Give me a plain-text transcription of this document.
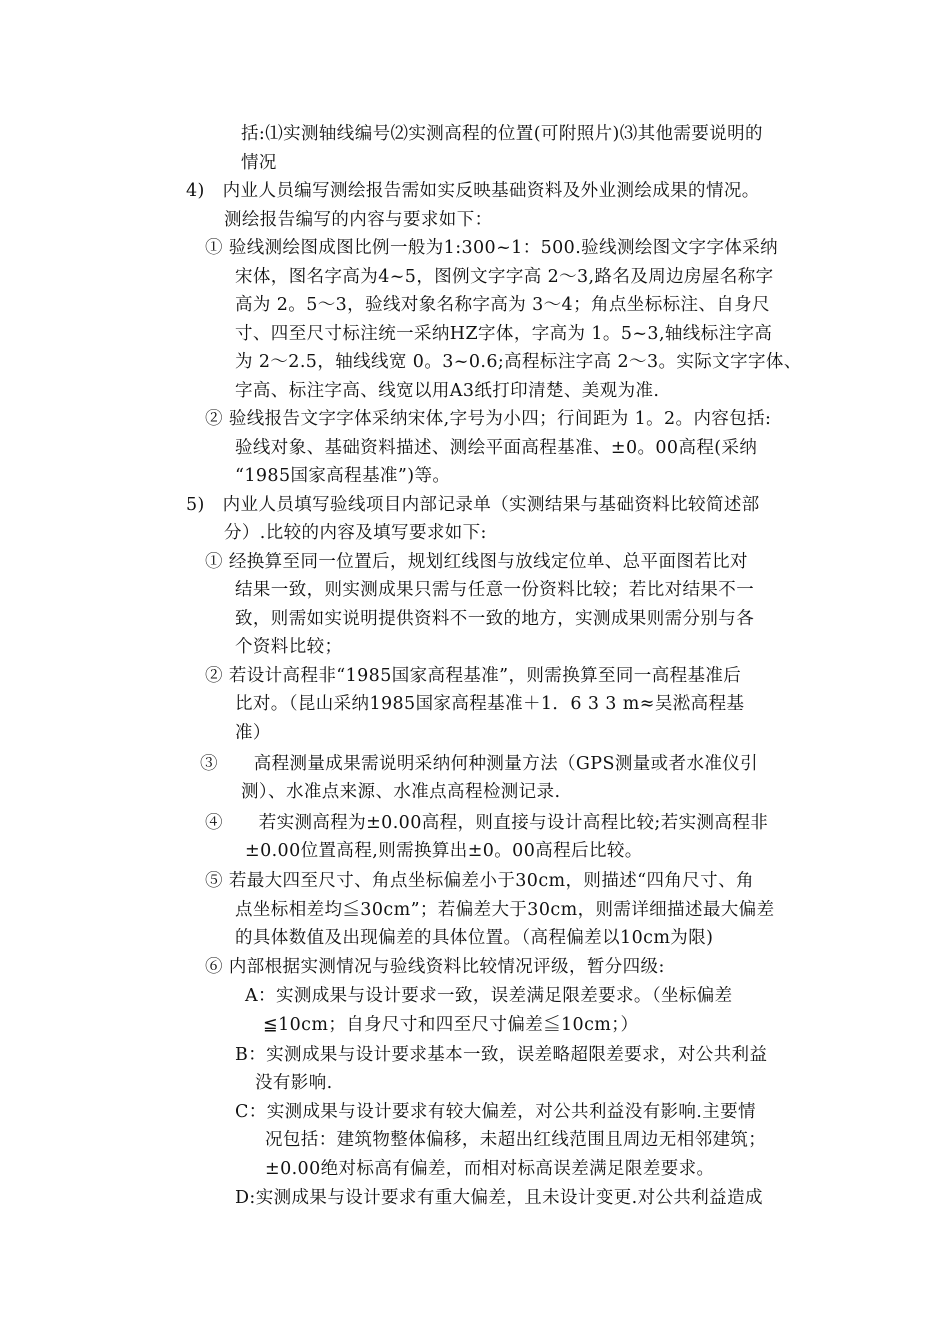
括:⑴实测轴线编号⑵实测高程的位置(可附照片)⑶其他需要说明的
情况
4)　内业人员编写测绘报告需如实反映基础资料及外业测绘成果的情况。
测绘报告编写的内容与要求如下：
① 验线测绘图成图比例一般为1:300~1：500.验线测绘图文字字体采纳
宋体，图名字高为4~5，图例文字字高 2～3,路名及周边房屋名称字
高为 2。5～3，验线对象名称字高为 3～4；角点坐标标注、自身尺
寸、四至尺寸标注统一采纳HZ字体，字高为 1。5~3,轴线标注字高
为 2～2.5，轴线线宽 0。3~0.6;高程标注字高 2～3。实际文字字体、
字高、标注字高、线宽以用A3纸打印清楚、美观为准.
② 验线报告文字字体采纳宋体,字号为小四；行间距为 1。2。内容包括:
验线对象、基础资料描述、测绘平面高程基准、±0。00高程(采纳
“1985国家高程基准”)等。
5)　内业人员填写验线项目内部记录单（实测结果与基础资料比较简述部
分）.比较的内容及填写要求如下:
① 经换算至同一位置后，规划红线图与放线定位单、总平面图若比对
结果一致，则实测成果只需与任意一份资料比较；若比对结果不一
致，则需如实说明提供资料不一致的地方，实测成果则需分别与各
个资料比较；
② 若设计高程非“1985国家高程基准”，则需换算至同一高程基准后
比对。（昆山采纳1985国家高程基准＋1．6 3 3 m≈吴淞高程基
准）
③　　高程测量成果需说明采纳何种测量方法（GPS测量或者水准仪引
测）、水准点来源、水准点高程检测记录.
④　　若实测高程为±0.00高程，则直接与设计高程比较;若实测高程非
±0.00位置高程,则需换算出±0。00高程后比较。
⑤ 若最大四至尺寸、角点坐标偏差小于30cm，则描述“四角尺寸、角
点坐标相差均≦30cm”；若偏差大于30cm，则需详细描述最大偏差
的具体数值及出现偏差的具体位置。（高程偏差以10cm为限)
⑥ 内部根据实测情况与验线资料比较情况评级，暂分四级:
A：实测成果与设计要求一致，误差满足限差要求。（坐标偏差
≦10cm；自身尺寸和四至尺寸偏差≦10cm；）
B：实测成果与设计要求基本一致，误差略超限差要求，对公共利益
没有影响.
C：实测成果与设计要求有较大偏差，对公共利益没有影响.主要情
况包括：建筑物整体偏移，未超出红线范围且周边无相邻建筑；
±0.00绝对标高有偏差，而相对标高误差满足限差要求。
D:实测成果与设计要求有重大偏差，且未设计变更.对公共利益造成
